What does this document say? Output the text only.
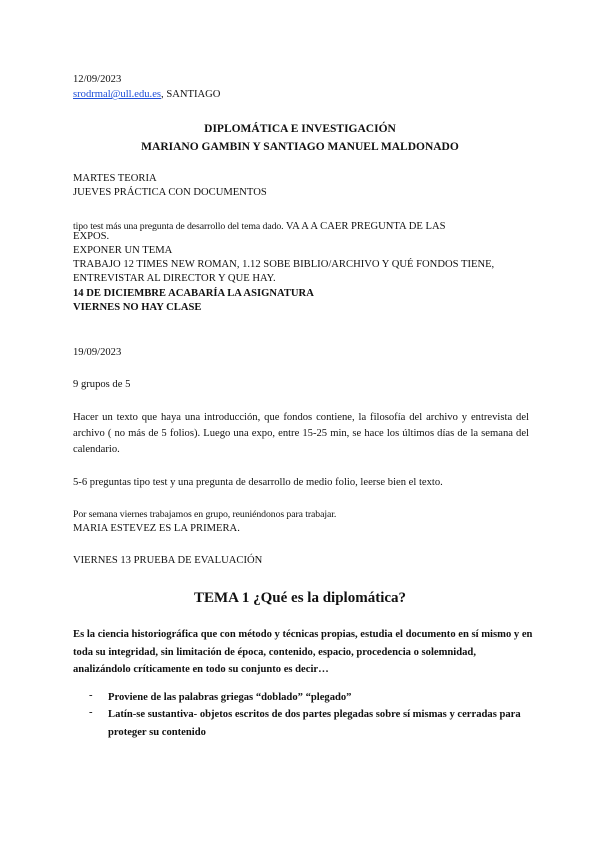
12/09/2023
srodrmal@ull.edu.es, SANTIAGO
DIPLOMÁTICA E INVESTIGACIÓN
MARIANO GAMBIN Y SANTIAGO MANUEL MALDONADO
MARTES TEORIA
JUEVES PRÁCTICA CON DOCUMENTOS
tipo test más una pregunta de desarrollo del tema dado. VA A A CAER PREGUNTA DE LAS
EXPOS.
EXPONER UN TEMA
TRABAJO 12 TIMES NEW ROMAN, 1.12 SOBE BIBLIO/ARCHIVO Y QUÉ FONDOS TIENE,
ENTREVISTAR AL DIRECTOR Y QUE HAY.
14 DE DICIEMBRE ACABARÍA LA ASIGNATURA
VIERNES NO HAY CLASE
19/09/2023
9 grupos de 5
Hacer un texto que haya una introducción, que fondos contiene, la filosofía del archivo y entrevista del archivo ( no más de 5 folios). Luego una expo, entre 15-25 min, se hace los últimos días de la semana del calendario.
5-6 preguntas tipo test y una pregunta de desarrollo de medio folio, leerse bien el texto.
Por semana viernes trabajamos en grupo, reuniéndonos para trabajar.
MARIA ESTEVEZ ES LA PRIMERA.
VIERNES 13 PRUEBA DE EVALUACIÓN
TEMA 1 ¿Qué es la diplomática?
Es la ciencia historiográfica que con método y técnicas propias, estudia el documento en sí mismo y en toda su integridad, sin limitación de época, contenido, espacio, procedencia o solemnidad, analizándolo críticamente en todo su conjunto es decir…
- Proviene de las palabras griegas “doblado” “plegado”
- Latín-se sustantiva- objetos escritos de dos partes plegadas sobre sí mismas y cerradas para proteger su contenido
